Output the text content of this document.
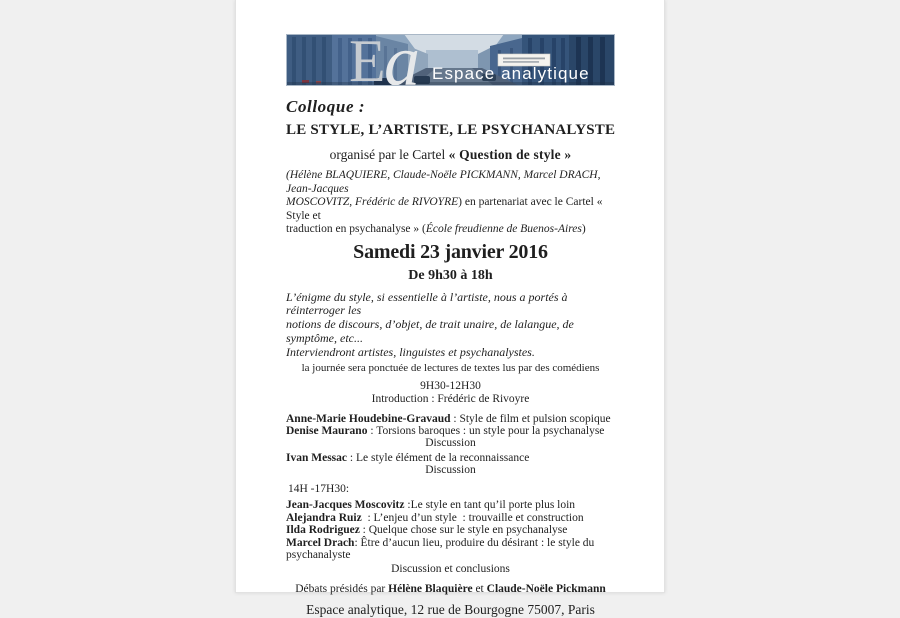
E
a Espace analytique

Colloque :

LE STYLE, L’ARTISTE, LE PSYCHANALYSTE

organisé par le Cartel « Question de style »

(Hélène BLAQUIERE, Claude-Noële PICKMANN, Marcel DRACH, Jean-Jacques
MOSCOVITZ, Frédéric de RIVOYRE) en partenariat avec le Cartel « Style et
traduction en psychanalyse » (École freudienne de Buenos-Aires)

Samedi 23 janvier 2016

De 9h30 à 18h

L’énigme du style, si essentielle à l’artiste, nous a portés à réinterroger les
notions de discours, d’objet, de trait unaire, de lalangue, de symptôme, etc...
Interviendront artistes, linguistes et psychanalystes.

la journée sera ponctuée de lectures de textes lus par des comédiens

9H30-12H30

Introduction : Frédéric de Rivoyre

Anne-Marie Houdebine-Gravaud : Style de film et pulsion scopique

Denise Maurano : Torsions baroques : un style pour la psychanalyse

Discussion

Ivan Messac : Le style élément de la reconnaissance

Discussion

14H -17H30:

Jean-Jacques Moscovitz :Le style en tant qu’il porte plus loin

Alejandra Ruiz  : L’enjeu d’un style  : trouvaille et construction

Ilda Rodriguez : Quelque chose sur le style en psychanalyse

Marcel Drach: Être d’aucun lieu, produire du désirant : le style du

psychanalyste

Discussion et conclusions

Débats présidés par Hélène Blaquière et Claude-Noële Pickmann

Espace analytique, 12 rue de Bourgogne 75007, Paris
